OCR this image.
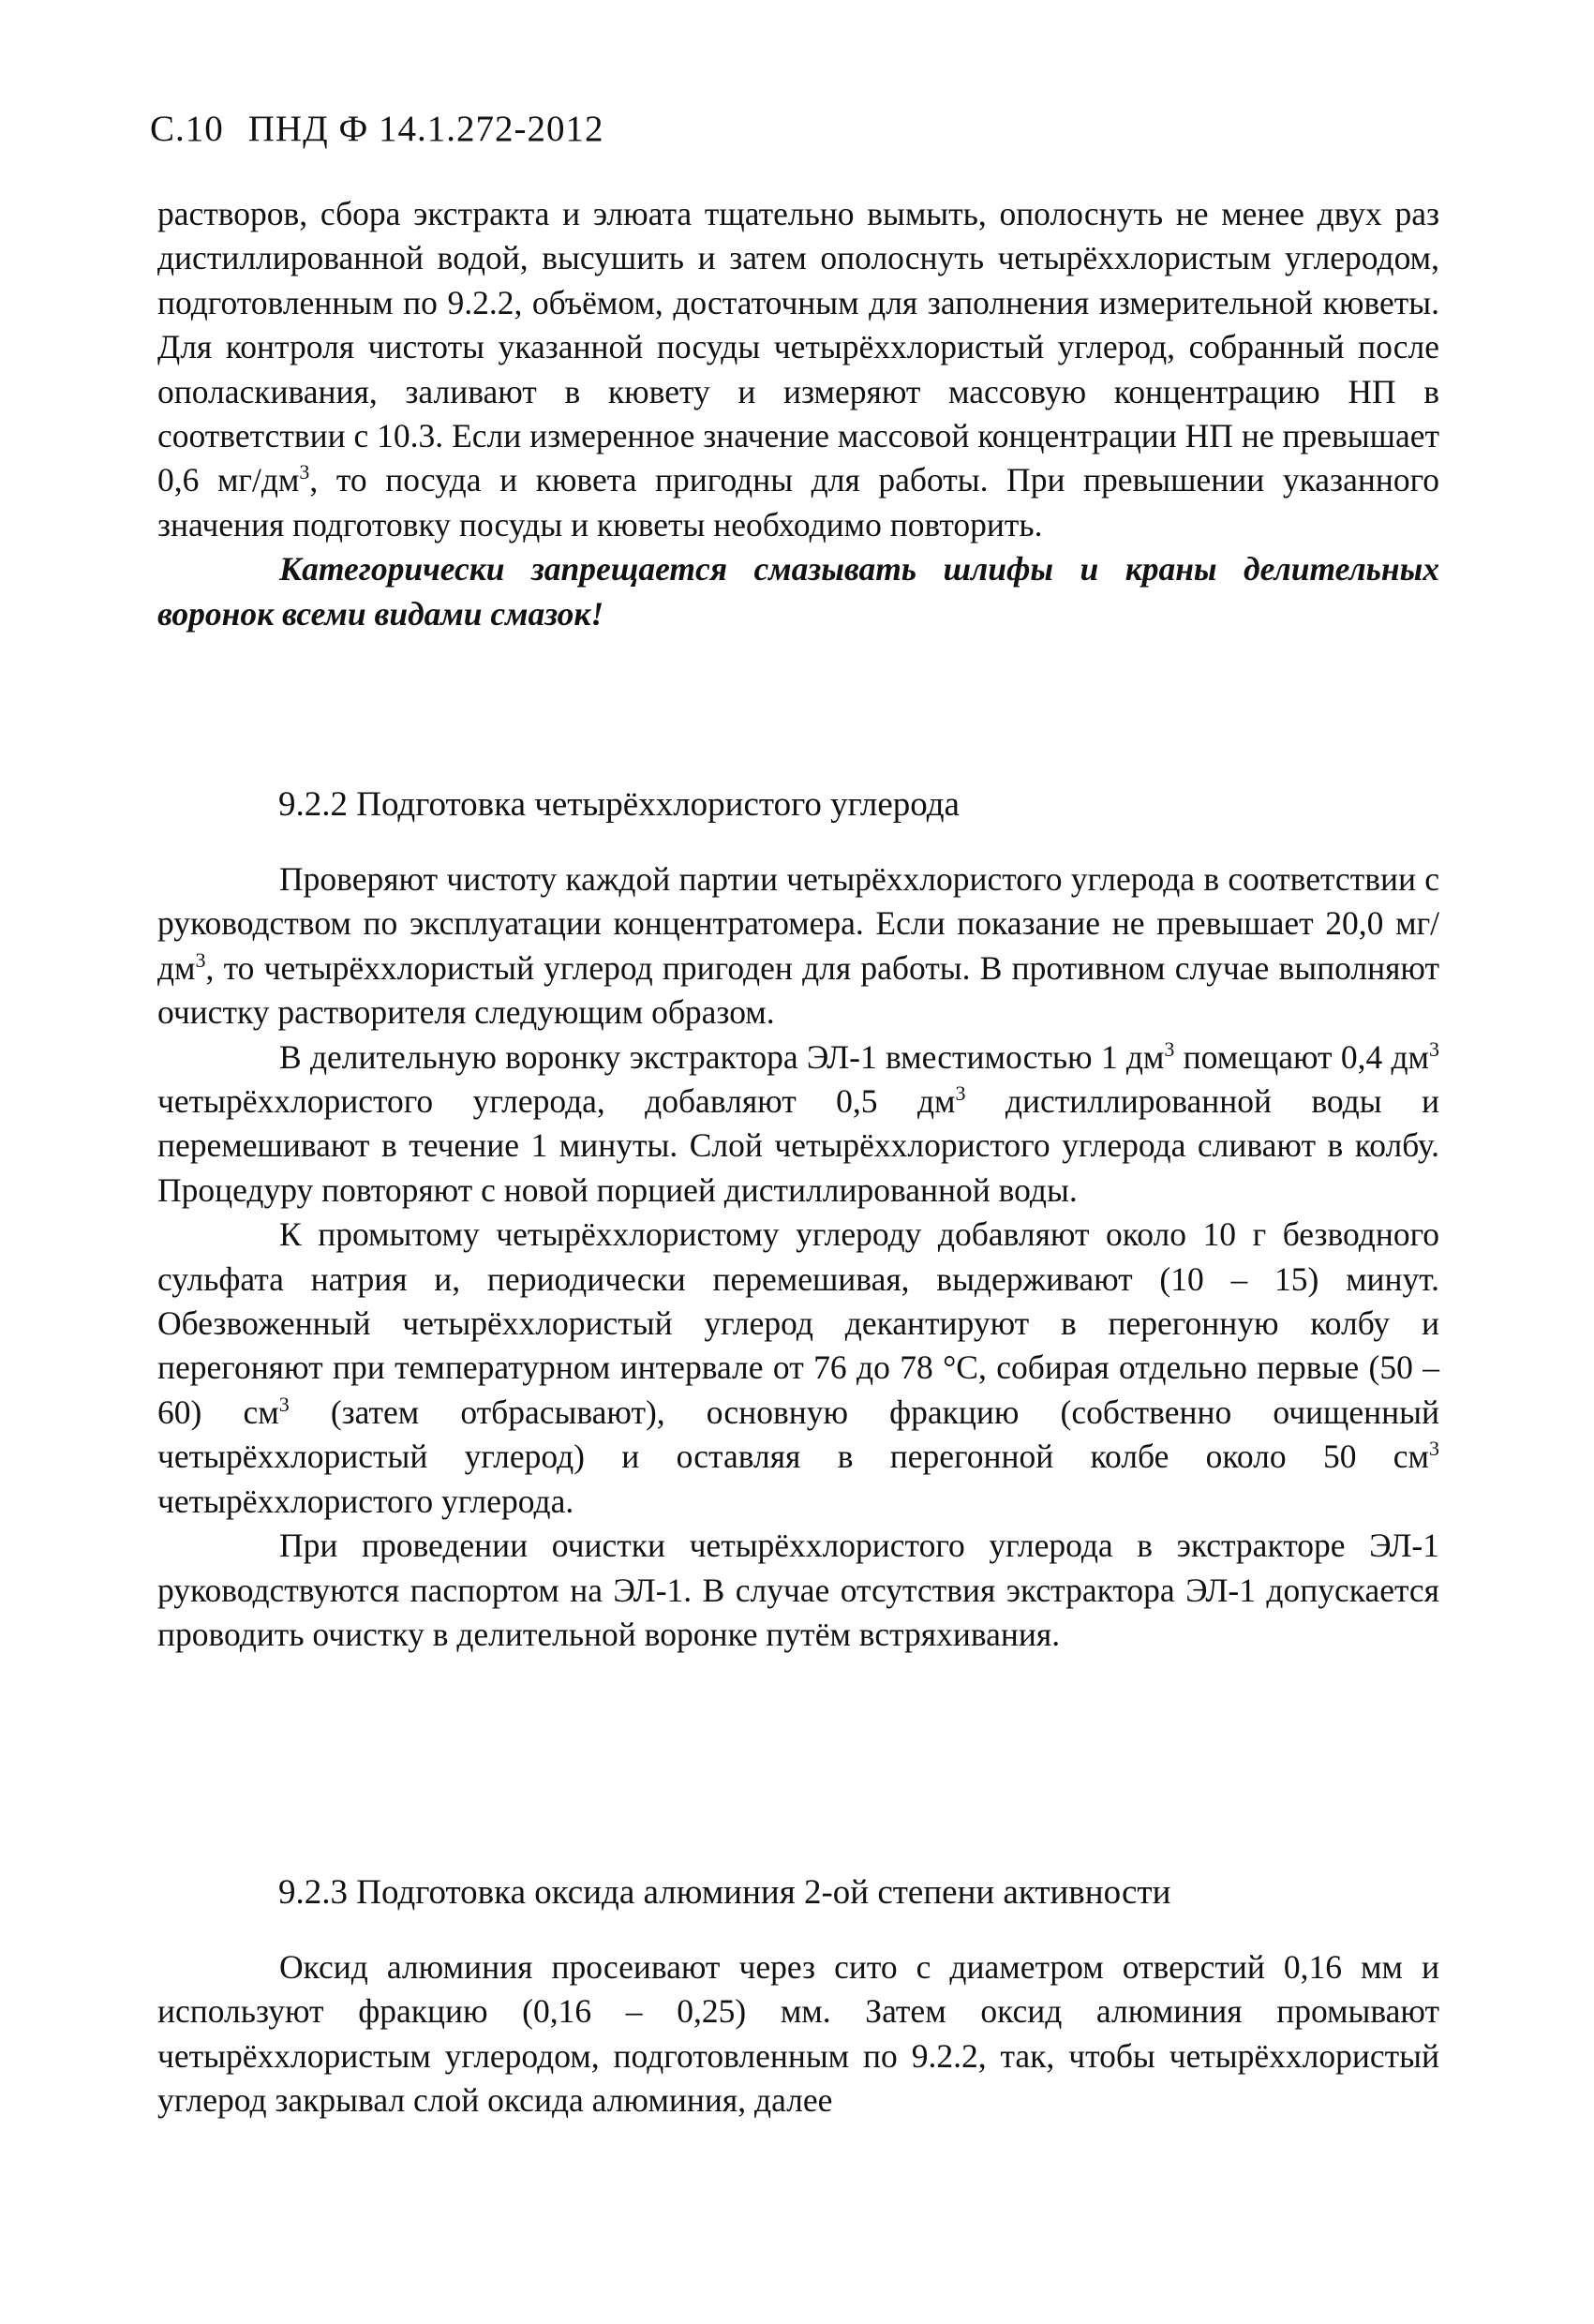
С.10 ПНД Ф 14.1.272-2012

растворов, сбора экстракта и элюата тщательно вымыть, ополоснуть не менее двух раз дистиллированной водой, высушить и затем ополоснуть четырёххлористым углеродом, подготовленным по 9.2.2, объёмом, достаточным для заполнения измерительной кюветы. Для контроля чистоты указанной посуды четырёххлористый углерод, собранный после ополаскивания, заливают в кювету и измеряют массовую концентрацию НП в соответствии с 10.3. Если измеренное значение массовой концентрации НП не превышает 0,6 $мг/дм^3$, то посуда и кювета пригодны для работы. При превышении указанного значения подготовку посуды и кюветы необходимо повторить.

Категорически запрещается смазывать шлифы и краны делительных воронок всеми видами смазок!

9.2.2 Подготовка четырёххлористого углерода

Проверяют чистоту каждой партии четырёххлористого углерода в соответствии с руководством по эксплуатации концентратомера. Если показание не превышает 20,0 $мг/дм^3$, то четырёххлористый углерод пригоден для работы. В противном случае выполняют очистку растворителя следующим образом.

В делительную воронку экстрактора ЭЛ-1 вместимостью 1 $дм^3$ помещают 0,4 $дм^3$ четырёххлористого углерода, добавляют 0,5 $дм^3$ дистиллированной воды и перемешивают в течение 1 минуты. Слой четырёххлористого углерода сливают в колбу. Процедуру повторяют с новой порцией дистиллированной воды.

К промытому четырёххлористому углероду добавляют около 10 г безводного сульфата натрия и, периодически перемешивая, выдерживают (10 – 15) минут. Обезвоженный четырёххлористый углерод декантируют в перегонную колбу и перегоняют при температурном интервале от 76 до 78 °С, собирая отдельно первые (50 – 60) $см^3$ (затем отбрасывают), основную фракцию (собственно очищенный четырёххлористый углерод) и оставляя в перегонной колбе около 50 $см^3$ четырёххлористого углерода.

При проведении очистки четырёххлористого углерода в экстракторе ЭЛ-1 руководствуются паспортом на ЭЛ-1. В случае отсутствия экстрактора ЭЛ-1 допускается проводить очистку в делительной воронке путём встряхивания.

9.2.3 Подготовка оксида алюминия 2-ой степени активности

Оксид алюминия просеивают через сито с диаметром отверстий 0,16 мм и используют фракцию (0,16 – 0,25) мм. Затем оксид алюминия промывают четырёххлористым углеродом, подготовленным по 9.2.2, так, чтобы четырёххлористый углерод закрывал слой оксида алюминия, далее
